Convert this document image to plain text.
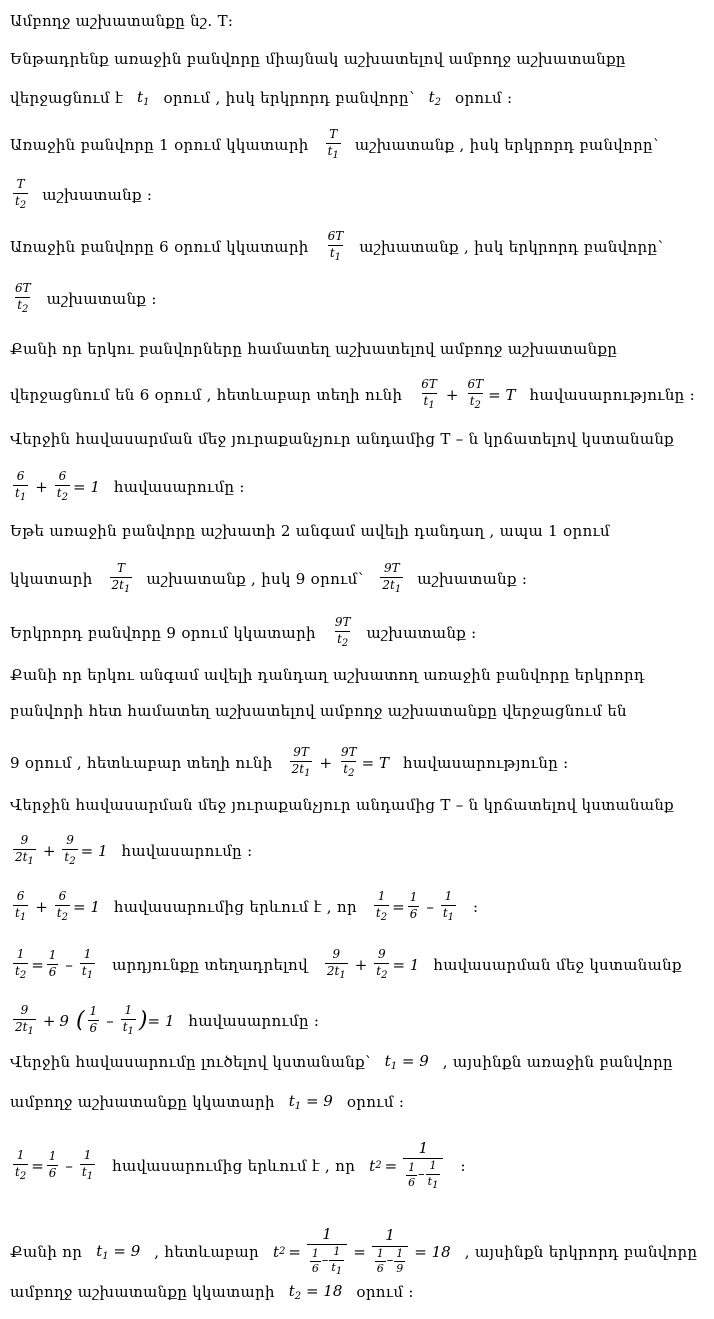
Ամբողջ աշխատանքը նշ․ T։
Ենթադրենք առաջին բանվորը միայնակ աշխատելով ամբողջ աշխատանքը
վերջացնում է $t_1$ օրում , իսկ երկրորդ բանվորը՝ $t_2$ օրում ։
Առաջին բանվորը 1 օրում կկատարի $\frac{T}{t_1}$ աշխատանք , իսկ երկրորդ բանվորը՝
$\frac{T}{t_2}$ աշխատանք ։
Առաջին բանվորը 6 օրում կկատարի $\frac{6T}{t_1}$ աշխատանք , իսկ երկրորդ բանվորը՝
$\frac{6T}{t_2}$ աշխատանք ։
Քանի որ երկու բանվորները համատեղ աշխատելով ամբողջ աշխատանքը
վերջացնում են 6 օրում , հետևաբար տեղի ունի $\frac{6T}{t_1} + \frac{6T}{t_2} = T$ հավասարությունը ։
Վերջին հավասարման մեջ յուրաքանչյուր անդամից T – ն կրճատելով կստանանք
$\frac{6}{t_1} + \frac{6}{t_2} = 1$ հավասարումը ։
Եթե առաջին բանվորը աշխատի 2 անգամ ավելի դանդաղ , ապա 1 օրում
կկատարի $\frac{T}{2t_1}$ աշխատանք , իսկ 9 օրում՝ $\frac{9T}{2t_1}$ աշխատանք ։
Երկրորդ բանվորը 9 օրում կկատարի $\frac{9T}{t_2}$ աշխատանք ։
Քանի որ երկու անգամ ավելի դանդաղ աշխատող առաջին բանվորը երկրորդ
բանվորի հետ համատեղ աշխատելով ամբողջ աշխատանքը վերջացնում են
9 օրում , հետևաբար տեղի ունի $\frac{9T}{2t_1} + \frac{9T}{t_2} = T$ հավասարությունը ։
Վերջին հավասարման մեջ յուրաքանչյուր անդամից T – ն կրճատելով կստանանք
$\frac{9}{2t_1} + \frac{9}{t_2} = 1$ հավասարումը ։
$\frac{6}{t_1} + \frac{6}{t_2} = 1$ հավասարումից երևում է , որ $\frac{1}{t_2} = \frac{1}{6} - \frac{1}{t_1}$ ։
$\frac{1}{t_2} = \frac{1}{6} - \frac{1}{t_1}$ արդյունքը տեղադրելով $\frac{9}{2t_1} + \frac{9}{t_2} = 1$ հավասարման մեջ կստանանք
$\frac{9}{2t_1} + 9$ ( $\frac{1}{6} - \frac{1}{t_1}$ ) = 1 հավասարումը ։
Վերջին հավասարումը լուծելով կստանանք՝ $t_1 = 9$ , այսինքն առաջին բանվորը
ամբողջ աշխատանքը կկատարի $t_1 = 9$ օրում ։
$\frac{1}{t_2} = \frac{1}{6} - \frac{1}{t_1}$ հավասարումից երևում է , որ t $2 = \frac{1}{\frac{1}{6} - \frac{1}{t_1}}$ ։
Քանի որ $t_1 = 9$ , հետևաբար t $2 = \frac{1}{\frac{1}{6} - \frac{1}{t_1}} = \frac{1}{\frac{1}{6} - \frac{1}{9}} = 18$ , այսինքն երկրորդ բանվորը
ամբողջ աշխատանքը կկատարի $t_2 = 18$ օրում ։
